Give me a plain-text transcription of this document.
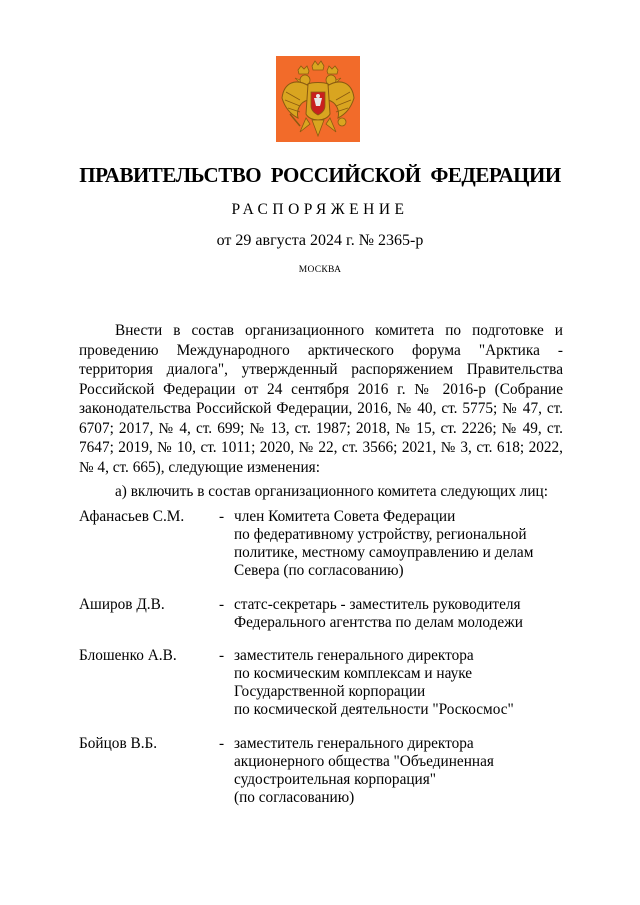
ПРАВИТЕЛЬСТВО РОССИЙСКОЙ ФЕДЕРАЦИИ
РАСПОРЯЖЕНИЕ
от 29 августа 2024 г. № 2365-р
МОСКВА

Внести в состав организационного комитета по подготовке и проведению Международного арктического форума "Арктика - территория диалога", утвержденный распоряжением Правительства Российской Федерации от 24 сентября 2016 г. № 2016-р (Собрание законодательства Российской Федерации, 2016, № 40, ст. 5775; № 47, ст. 6707; 2017, № 4, ст. 699; № 13, ст. 1987; 2018, № 15, ст. 2226; № 49, ст. 7647; 2019, № 10, ст. 1011; 2020, № 22, ст. 3566; 2021, № 3, ст. 618; 2022, № 4, ст. 665), следующие изменения:

а) включить в состав организационного комитета следующих лиц:

Афанасьев С.М. - член Комитета Совета Федерации
по федеративному устройству, региональной
политике, местному самоуправлению и делам
Севера (по согласованию)
Аширов Д.В.	- статс-секретарь - заместитель руководителя
Федерального агентства по делам молодежи
Блошенко А.В.	- заместитель генерального директора
по космическим комплексам и науке
Государственной корпорации
по космической деятельности "Роскосмос"
Бойцов В.Б.	- заместитель генерального директора
акционерного общества "Объединенная
судостроительная корпорация"
(по согласованию)
